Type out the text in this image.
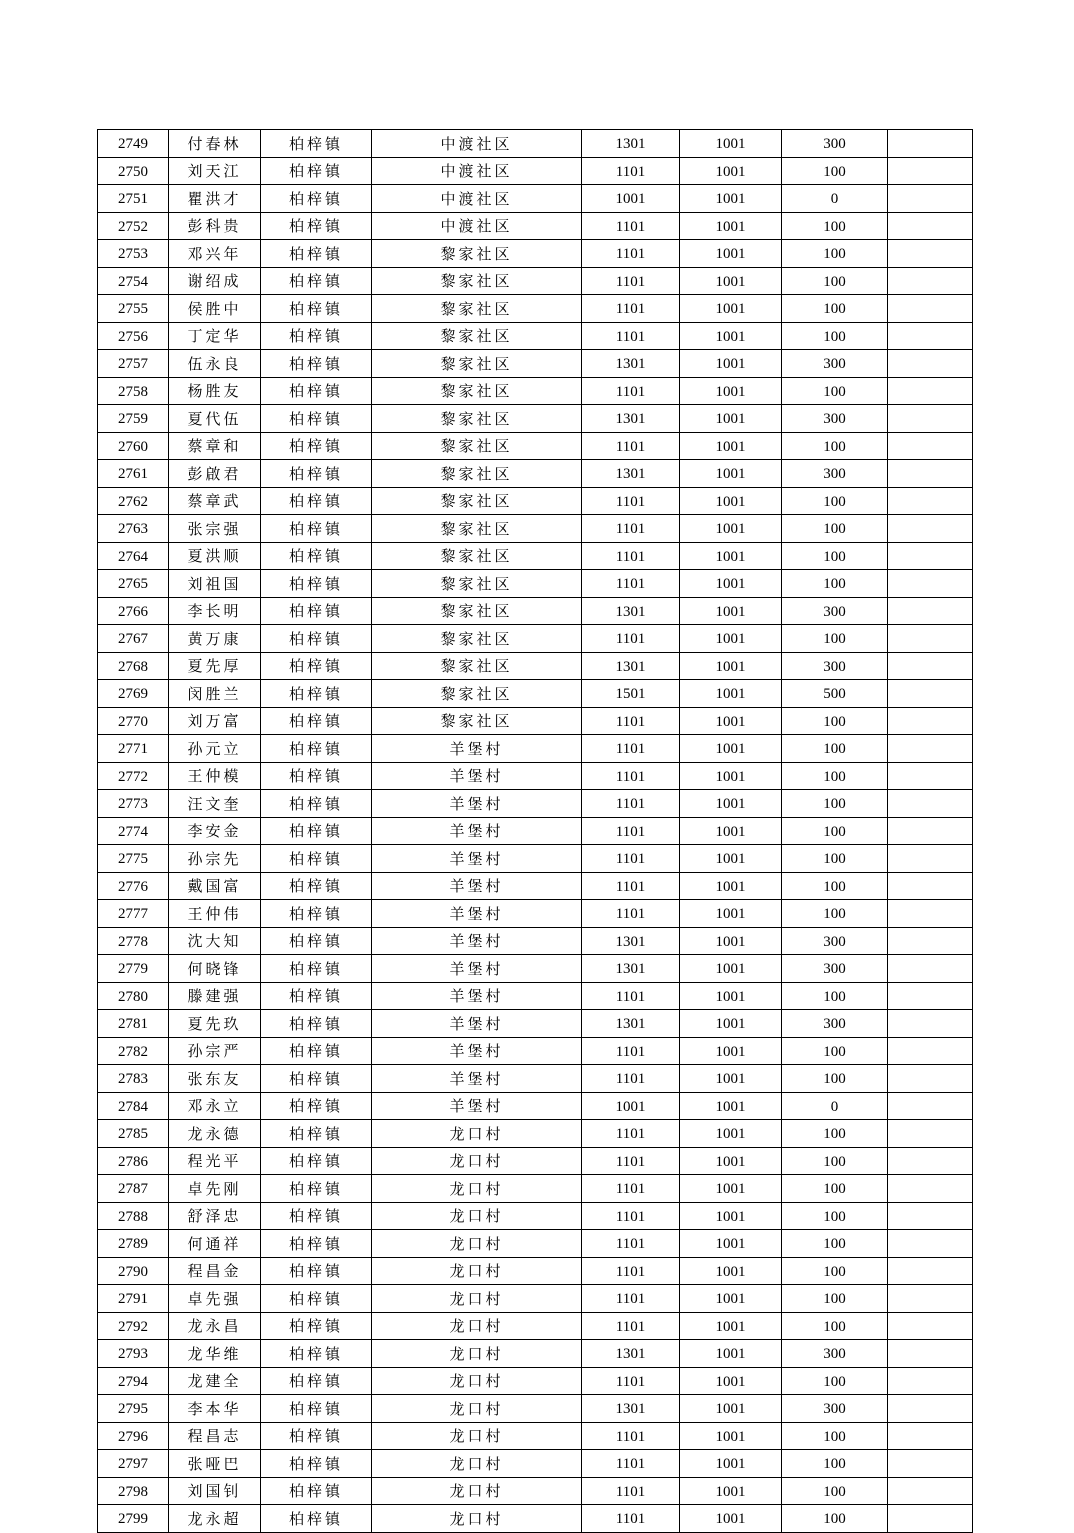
2749	付春林	柏梓镇	中渡社区	1301	1001	300	
2750	刘天江	柏梓镇	中渡社区	1101	1001	100	
2751	瞿洪才	柏梓镇	中渡社区	1001	1001	0	
2752	彭科贵	柏梓镇	中渡社区	1101	1001	100	
2753	邓兴年	柏梓镇	黎家社区	1101	1001	100	
2754	谢绍成	柏梓镇	黎家社区	1101	1001	100	
2755	侯胜中	柏梓镇	黎家社区	1101	1001	100	
2756	丁定华	柏梓镇	黎家社区	1101	1001	100	
2757	伍永良	柏梓镇	黎家社区	1301	1001	300	
2758	杨胜友	柏梓镇	黎家社区	1101	1001	100	
2759	夏代伍	柏梓镇	黎家社区	1301	1001	300	
2760	蔡章和	柏梓镇	黎家社区	1101	1001	100	
2761	彭啟君	柏梓镇	黎家社区	1301	1001	300	
2762	蔡章武	柏梓镇	黎家社区	1101	1001	100	
2763	张宗强	柏梓镇	黎家社区	1101	1001	100	
2764	夏洪顺	柏梓镇	黎家社区	1101	1001	100	
2765	刘祖国	柏梓镇	黎家社区	1101	1001	100	
2766	李长明	柏梓镇	黎家社区	1301	1001	300	
2767	黄万康	柏梓镇	黎家社区	1101	1001	100	
2768	夏先厚	柏梓镇	黎家社区	1301	1001	300	
2769	闵胜兰	柏梓镇	黎家社区	1501	1001	500	
2770	刘万富	柏梓镇	黎家社区	1101	1001	100	
2771	孙元立	柏梓镇	羊堡村	1101	1001	100	
2772	王仲模	柏梓镇	羊堡村	1101	1001	100	
2773	汪文奎	柏梓镇	羊堡村	1101	1001	100	
2774	李安金	柏梓镇	羊堡村	1101	1001	100	
2775	孙宗先	柏梓镇	羊堡村	1101	1001	100	
2776	戴国富	柏梓镇	羊堡村	1101	1001	100	
2777	王仲伟	柏梓镇	羊堡村	1101	1001	100	
2778	沈大知	柏梓镇	羊堡村	1301	1001	300	
2779	何晓锋	柏梓镇	羊堡村	1301	1001	300	
2780	滕建强	柏梓镇	羊堡村	1101	1001	100	
2781	夏先玖	柏梓镇	羊堡村	1301	1001	300	
2782	孙宗严	柏梓镇	羊堡村	1101	1001	100	
2783	张东友	柏梓镇	羊堡村	1101	1001	100	
2784	邓永立	柏梓镇	羊堡村	1001	1001	0	
2785	龙永德	柏梓镇	龙口村	1101	1001	100	
2786	程光平	柏梓镇	龙口村	1101	1001	100	
2787	卓先刚	柏梓镇	龙口村	1101	1001	100	
2788	舒泽忠	柏梓镇	龙口村	1101	1001	100	
2789	何通祥	柏梓镇	龙口村	1101	1001	100	
2790	程昌金	柏梓镇	龙口村	1101	1001	100	
2791	卓先强	柏梓镇	龙口村	1101	1001	100	
2792	龙永昌	柏梓镇	龙口村	1101	1001	100	
2793	龙华维	柏梓镇	龙口村	1301	1001	300	
2794	龙建全	柏梓镇	龙口村	1101	1001	100	
2795	李本华	柏梓镇	龙口村	1301	1001	300	
2796	程昌志	柏梓镇	龙口村	1101	1001	100	
2797	张哑巴	柏梓镇	龙口村	1101	1001	100	
2798	刘国钊	柏梓镇	龙口村	1101	1001	100	
2799	龙永超	柏梓镇	龙口村	1101	1001	100	
